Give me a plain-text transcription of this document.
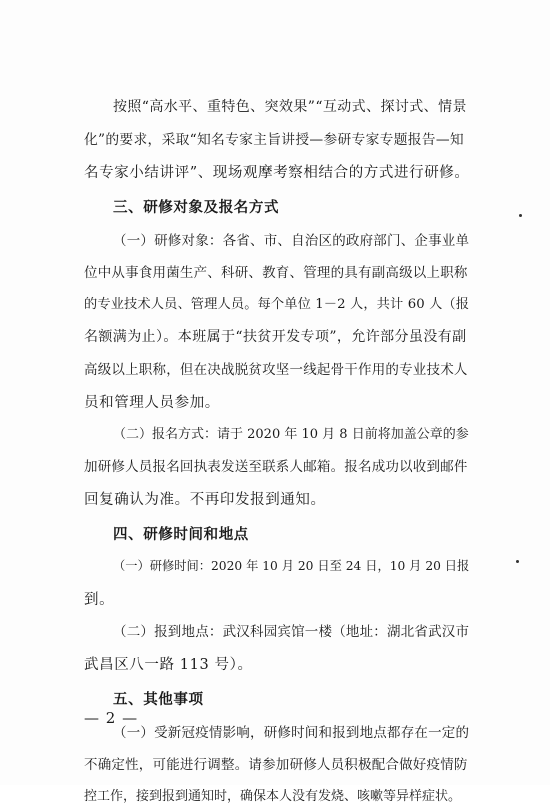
按照“高水平、重特色、突效果”“互动式、探讨式、情景
化”的要求，采取“知名专家主旨讲授—参研专家专题报告—知
名专家小结讲评”、现场观摩考察相结合的方式进行研修。
三、研修对象及报名方式
（一）研修对象：各省、市、自治区的政府部门、企事业单
位中从事食用菌生产、科研、教育、管理的具有副高级以上职称
的专业技术人员、管理人员。每个单位 1－2 人，共计 60 人（报
名额满为止）。本班属于“扶贫开发专项”，允许部分虽没有副
高级以上职称，但在决战脱贫攻坚一线起骨干作用的专业技术人
员和管理人员参加。
（二）报名方式：请于 2020 年 10 月 8 日前将加盖公章的参
加研修人员报名回执表发送至联系人邮箱。报名成功以收到邮件
回复确认为准。不再印发报到通知。
四、研修时间和地点
（一）研修时间：2020 年 10 月 20 日至 24 日，10 月 20 日报
到。
（二）报到地点：武汉科园宾馆一楼（地址：湖北省武汉市
武昌区八一路 113 号）。
五、其他事项
（一）受新冠疫情影响，研修时间和报到地点都存在一定的
不确定性，可能进行调整。请参加研修人员积极配合做好疫情防
控工作，接到报到通知时，确保本人没有发烧、咳嗽等异样症状。
— 2 —
